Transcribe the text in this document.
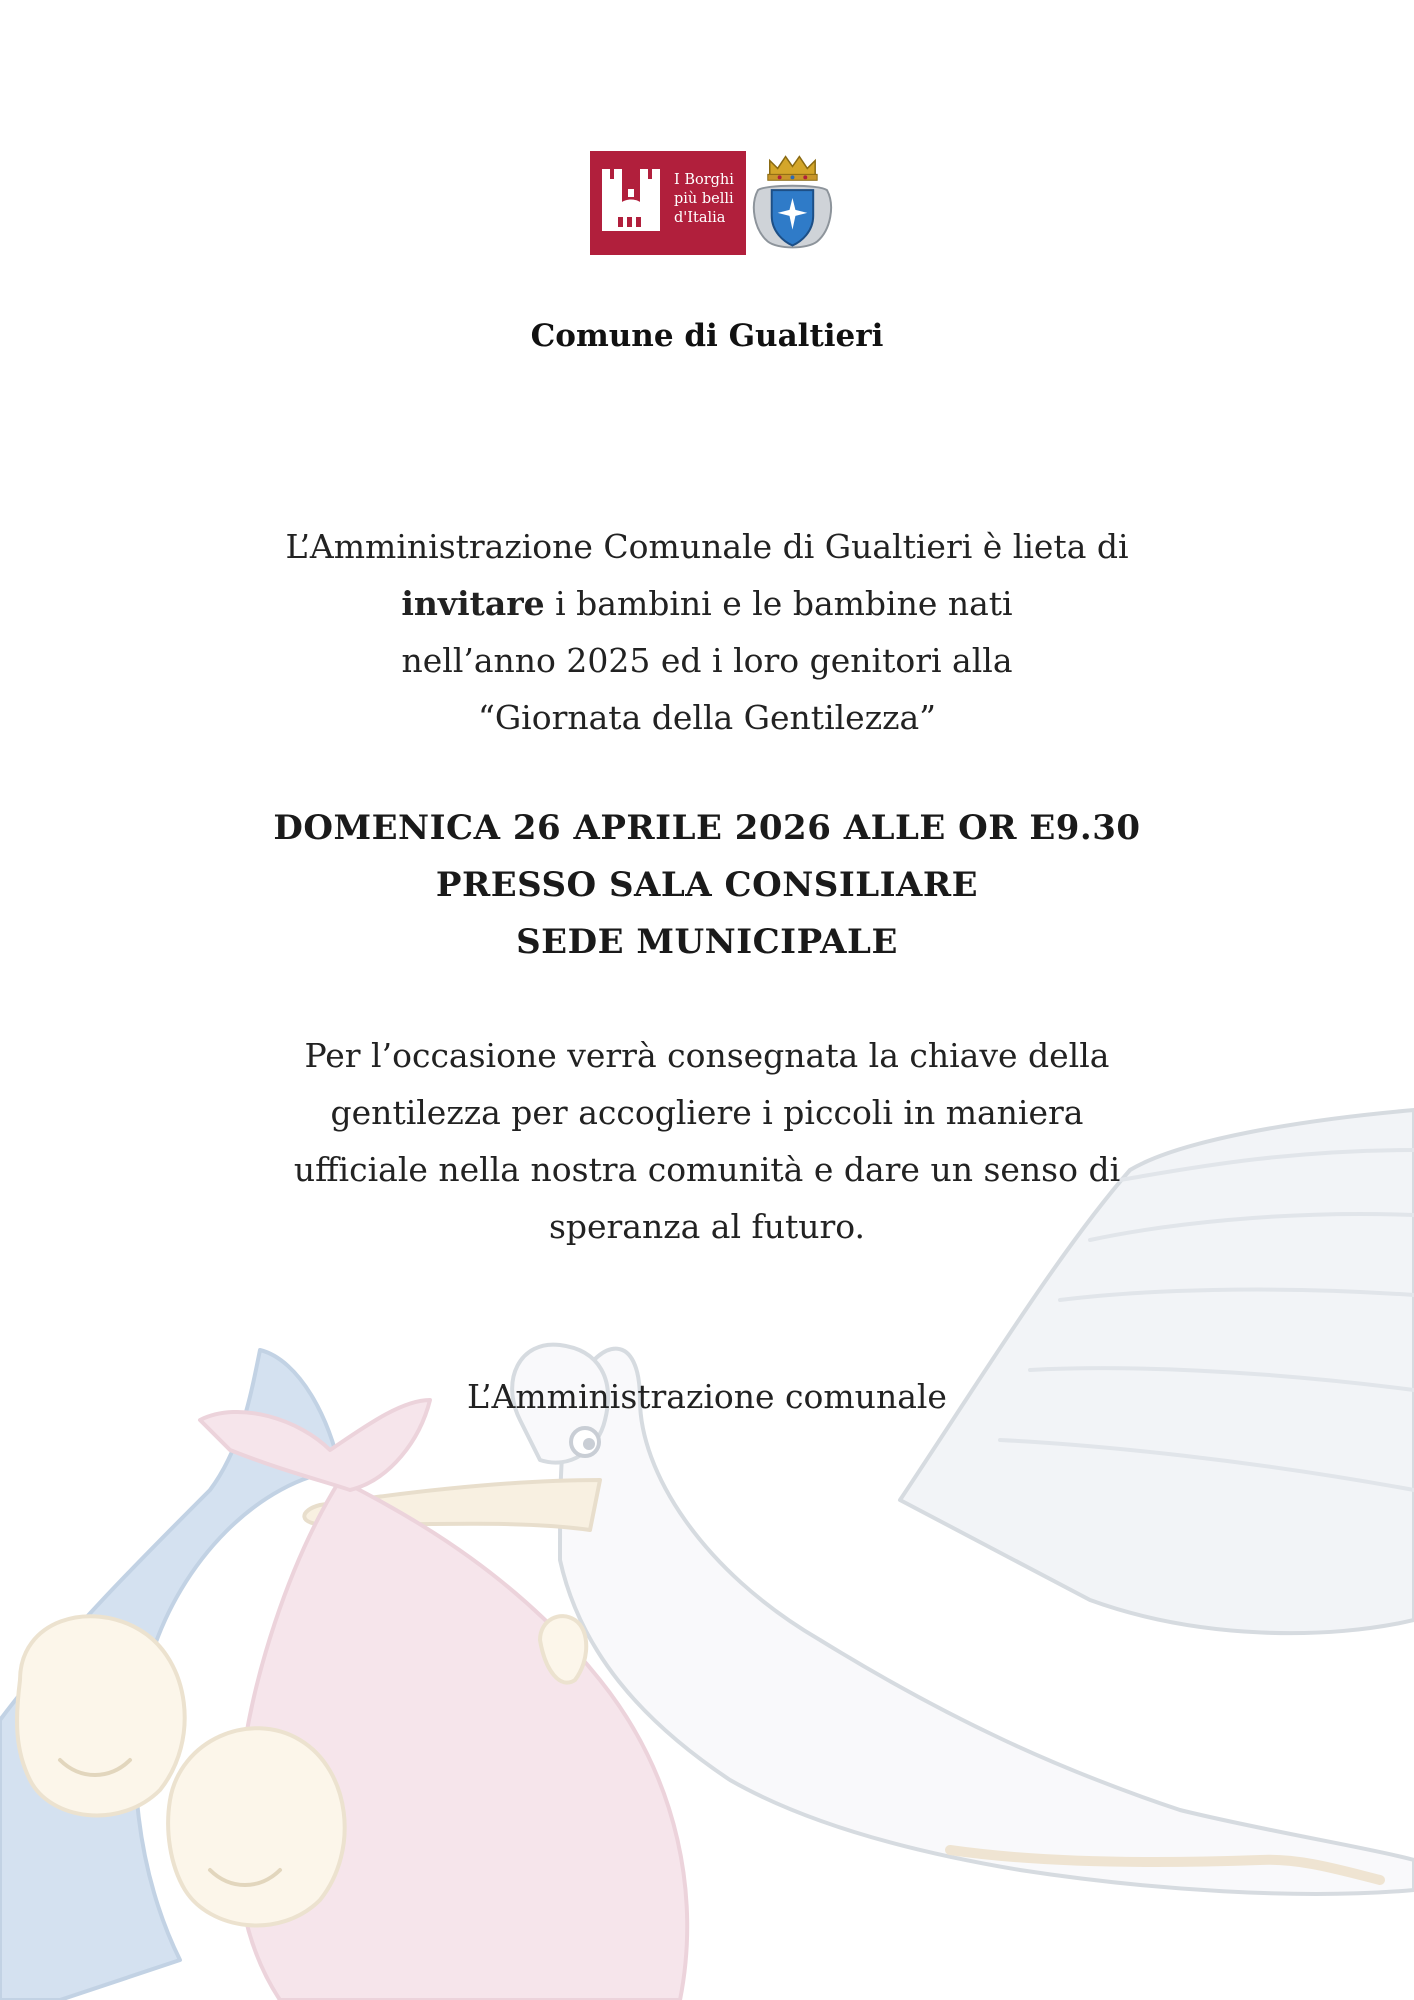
I Borghi
più belli
d'Italia
Comune di Gualtieri
L’Amministrazione Comunale di Gualtieri è lieta di
invitare i bambini e le bambine nati
nell’anno 2025 ed i loro genitori alla
“Giornata della Gentilezza”
DOMENICA 26 APRILE 2026 ALLE OR E9.30
PRESSO SALA CONSILIARE
SEDE MUNICIPALE
Per l’occasione verrà consegnata la chiave della
gentilezza per accogliere i piccoli in maniera
ufficiale nella nostra comunità e dare un senso di
speranza al futuro.
L’Amministrazione comunale
